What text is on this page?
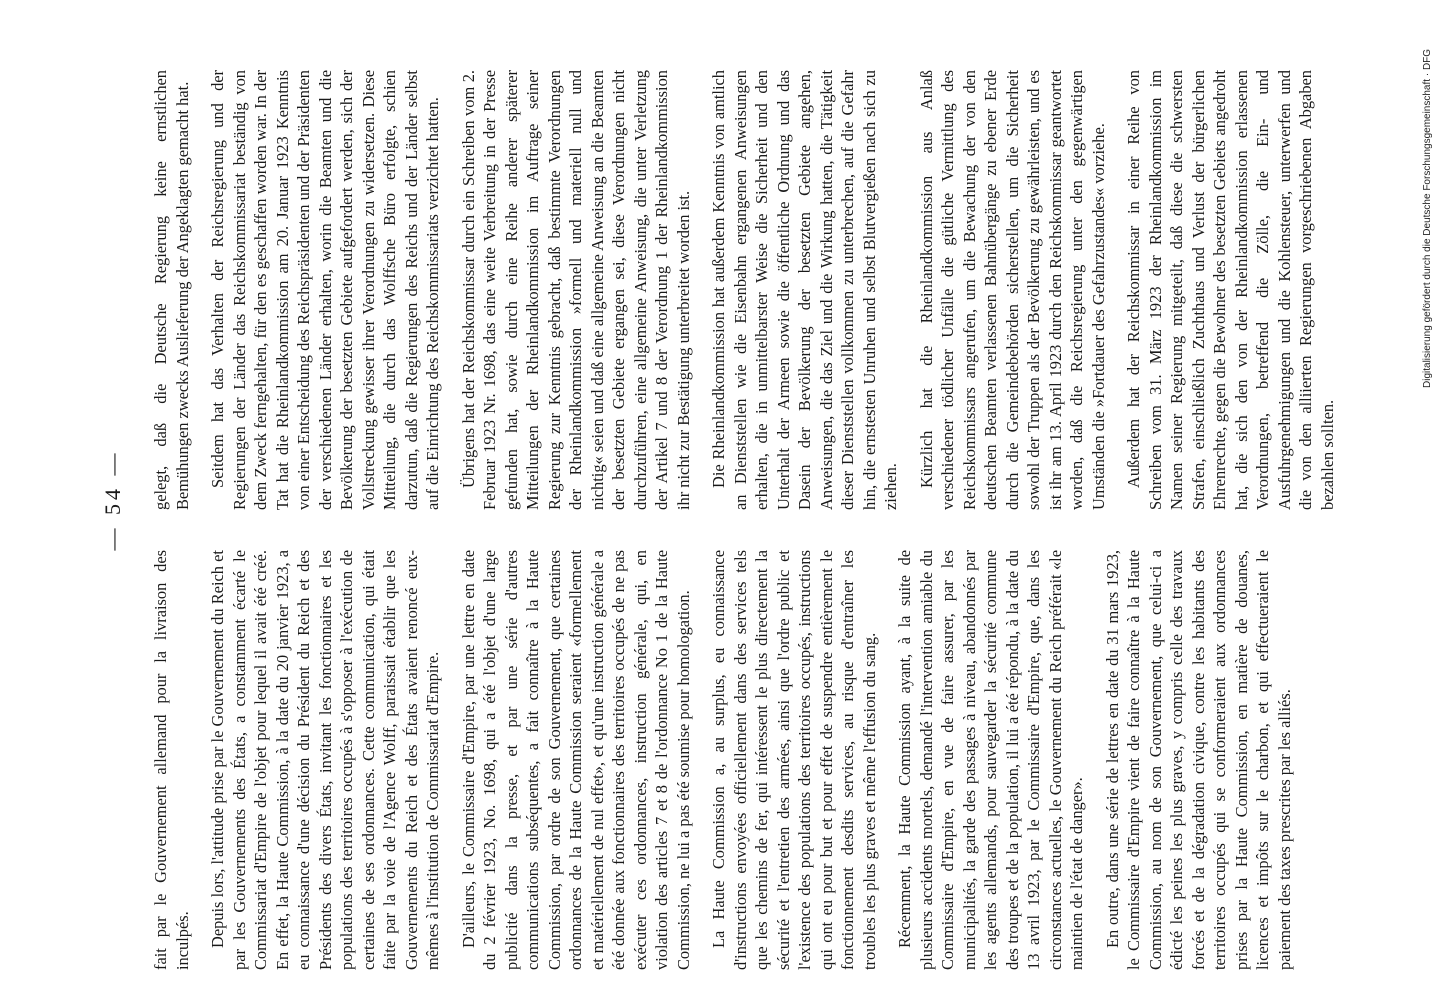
— 54 —

fait par le Gouvernement allemand pour la livraison des inculpés. Depuis lors, l'attitude prise par le Gouvernement du Reich et par les Gouvernements des États, a constamment écarté le Commissariat d'Empire de l'objet pour lequel il avait été créé. En effet, la Haute Commission, à la date du 20 janvier 1923, a eu connaissance d'une décision du Président du Reich et des Présidents des divers États, invitant les fonctionnaires et les populations des territoires occupés à s'opposer à l'exécution de certaines de ses ordonnances. Cette communication, qui était faite par la voie de l'Agence Wolff, paraissait établir que les Gouvernements du Reich et des États avaient renoncé eux-mêmes à l'institution de Commissariat d'Empire. D'ailleurs, le Commissaire d'Empire, par une lettre en date du 2 février 1923, No. 1698, qui a été l'objet d'une large publicité dans la presse, et par une série d'autres communications subséquentes, a fait connaître à la Haute Commission, par ordre de son Gouvernement, que certaines ordonnances de la Haute Commission seraient «formellement et matériellement de nul effet», et qu'une instruction générale a été donnée aux fonctionnaires des territoires occupés de ne pas exécuter ces ordonnances, instruction générale, qui, en violation des articles 7 et 8 de l'ordonnance No 1 de la Haute Commission, ne lui a pas été soumise pour homologation. La Haute Commission a, au surplus, eu connaissance d'instructions envoyées officiellement dans des services tels que les chemins de fer, qui intéressent le plus directement la sécurité et l'entretien des armées, ainsi que l'ordre public et l'existence des populations des territoires occupés, instructions qui ont eu pour but et pour effet de suspendre entièrement le fonctionnement desdits services, au risque d'entraîner les troubles les plus graves et même l'effusion du sang. Récemment, la Haute Commission ayant, à la suite de plusieurs accidents mortels, demandé l'intervention amiable du Commissaire d'Empire, en vue de faire assurer, par les municipalités, la garde des passages à niveau, abandonnés par les agents allemands, pour sauvegarder la sécurité commune des troupes et de la population, il lui a été répondu, à la date du 13 avril 1923, par le Commissaire d'Empire, que, dans les circonstances actuelles, le Gouvernement du Reich préférait «le maintien de l'état de danger». En outre, dans une série de lettres en date du 31 mars 1923, le Commissaire d'Empire vient de faire connaître à la Haute Commission, au nom de son Gouvernement, que celui-ci a édicté les peines les plus graves, y compris celle des travaux forcés et de la dégradation civique, contre les habitants des territoires occupés qui se conformeraient aux ordonnances prises par la Haute Commission, en matière de douanes, licences et impôts sur le charbon, et qui effectueraient le paiement des taxes prescrites par les alliés.

gelegt, daß die Deutsche Regierung keine ernstlichen Bemühungen zwecks Auslieferung der Angeklagten gemacht hat. Seitdem hat das Verhalten der Reichsregierung und der Regierungen der Länder das Reichskommissariat beständig von dem Zweck ferngehalten, für den es geschaffen worden war. In der Tat hat die Rheinlandkommission am 20. Januar 1923 Kenntnis von einer Entscheidung des Reichspräsidenten und der Präsidenten der verschiedenen Länder erhalten, worin die Beamten und die Bevölkerung der besetzten Gebiete aufgefordert werden, sich der Vollstreckung gewisser ihrer Verordnungen zu widersetzen. Diese Mitteilung, die durch das Wolffsche Büro erfolgte, schien darzutun, daß die Regierungen des Reichs und der Länder selbst auf die Einrichtung des Reichskommissariats verzichtet hatten. Übrigens hat der Reichskommissar durch ein Schreiben vom 2. Februar 1923 Nr. 1698, das eine weite Verbreitung in der Presse gefunden hat, sowie durch eine Reihe anderer späterer Mitteilungen der Rheinlandkommission im Auftrage seiner Regierung zur Kenntnis gebracht, daß bestimmte Verordnungen der Rheinlandkommission »formell und materiell null und nichtig« seien und daß eine allgemeine Anweisung an die Beamten der besetzten Gebiete ergangen sei, diese Verordnungen nicht durchzuführen, eine allgemeine Anweisung, die unter Verletzung der Artikel 7 und 8 der Verordnung 1 der Rheinlandkommission ihr nicht zur Bestätigung unterbreitet worden ist. Die Rheinlandkommission hat außerdem Kenntnis von amtlich an Dienststellen wie die Eisenbahn ergangenen Anweisungen erhalten, die in unmittelbarster Weise die Sicherheit und den Unterhalt der Armeen sowie die öffentliche Ordnung und das Dasein der Bevölkerung der besetzten Gebiete angehen, Anweisungen, die das Ziel und die Wirkung hatten, die Tätigkeit dieser Dienststellen vollkommen zu unterbrechen, auf die Gefahr hin, die ernstesten Unruhen und selbst Blutvergießen nach sich zu ziehen. Kürzlich hat die Rheinlandkommission aus Anlaß verschiedener tödlicher Unfälle die gütliche Vermittlung des Reichskommissars angerufen, um die Bewachung der von den deutschen Beamten verlassenen Bahnübergänge zu ebener Erde durch die Gemeindebehörden sicherstellen, um die Sicherheit sowohl der Truppen als der Bevölkerung zu gewährleisten, und es ist ihr am 13. April 1923 durch den Reichskommissar geantwortet worden, daß die Reichsregierung unter den gegenwärtigen Umständen die »Fortdauer des Gefahrzustandes« vorziehe. Außerdem hat der Reichskommissar in einer Reihe von Schreiben vom 31. März 1923 der Rheinlandkommission im Namen seiner Regierung mitgeteilt, daß diese die schwersten Strafen, einschließlich Zuchthaus und Verlust der bürgerlichen Ehrenrechte, gegen die Bewohner des besetzten Gebiets angedroht hat, die sich den von der Rheinlandkommission erlassenen Verordnungen, betreffend die Zölle, die Ein- und Ausfuhrgenehmigungen und die Kohlensteuer, unterwerfen und die von den alliierten Regierungen vorgeschriebenen Abgaben bezahlen sollten.

Digitalisierung gefördert durch die Deutsche Forschungsgemeinschaft · DFG
